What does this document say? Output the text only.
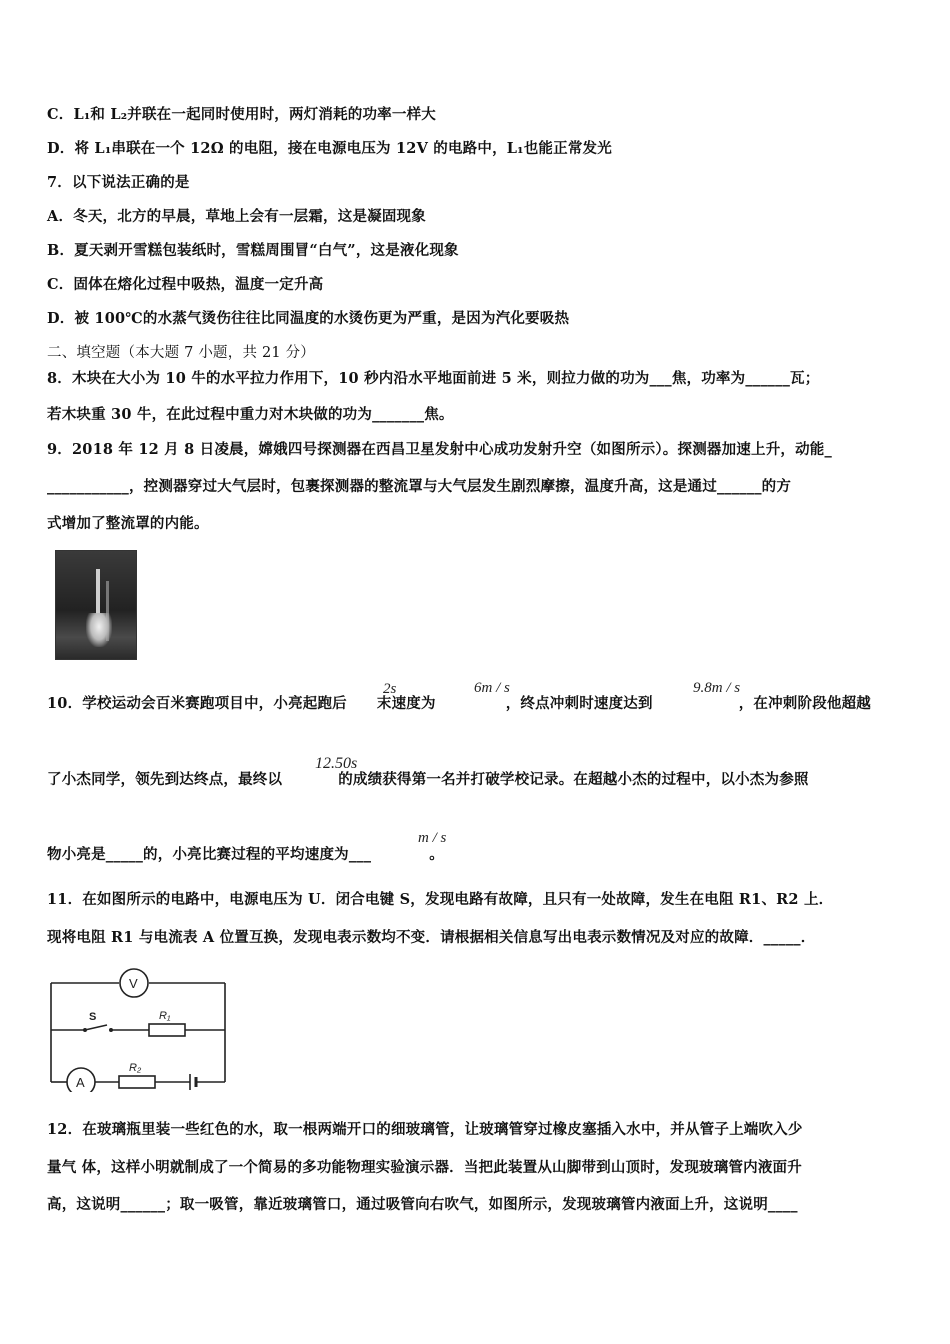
C．L₁和 L₂并联在一起同时使用时，两灯消耗的功率一样大
D．将 L₁串联在一个 12Ω 的电阻，接在电源电压为 12V 的电路中，L₁也能正常发光
7．以下说法正确的是
A．冬天，北方的早晨，草地上会有一层霜，这是凝固现象
B．夏天剥开雪糕包装纸时，雪糕周围冒“白气”，这是液化现象
C．固体在熔化过程中吸热，温度一定升高
D．被 100℃的水蒸气烫伤往往比同温度的水烫伤更为严重，是因为汽化要吸热
二、填空题（本大题 7 小题，共 21 分）
8．木块在大小为 10 牛的水平拉力作用下，10 秒内沿水平地面前进 5 米，则拉力做的功为___焦，功率为______瓦；
若木块重 30 牛，在此过程中重力对木块做的功为_______焦。
9．2018 年 12 月 8 日凌晨，嫦娥四号探测器在西昌卫星发射中心成功发射升空（如图所示）。探测器加速上升，动能_
___________，控测器穿过大气层时，包裹探测器的整流罩与大气层发生剧烈摩擦，温度升高，这是通过______的方
式增加了整流罩的内能。
10．学校运动会百米赛跑项目中，小亮起跑后 末速度为	，终点冲刺时速度达到	，在冲刺阶段他超越
2s	6m / s	9.8m / s
了小杰同学，领先到达终点，最终以	的成绩获得第一名并打破学校记录。在超越小杰的过程中，以小杰为参照
12.50s
物小亮是_____的，小亮比赛过程的平均速度为___	。
m / s
11．在如图所示的电路中，电源电压为 U．闭合电键 S，发现电路有故障，且只有一处故障，发生在电阻 R1、R2 上．
现将电阻 R1 与电流表 A 位置互换，发现电表示数均不变．请根据相关信息写出电表示数情况及对应的故障．_____．
V
A
S	R₁
R₂
12．在玻璃瓶里装一些红色的水，取一根两端开口的细玻璃管，让玻璃管穿过橡皮塞插入水中，并从管子上端吹入少
量气 体，这样小明就制成了一个简易的多功能物理实验演示器．当把此装置从山脚带到山顶时，发现玻璃管内液面升
高，这说明______；取一吸管，靠近玻璃管口，通过吸管向右吹气，如图所示，发现玻璃管内液面上升，这说明____
